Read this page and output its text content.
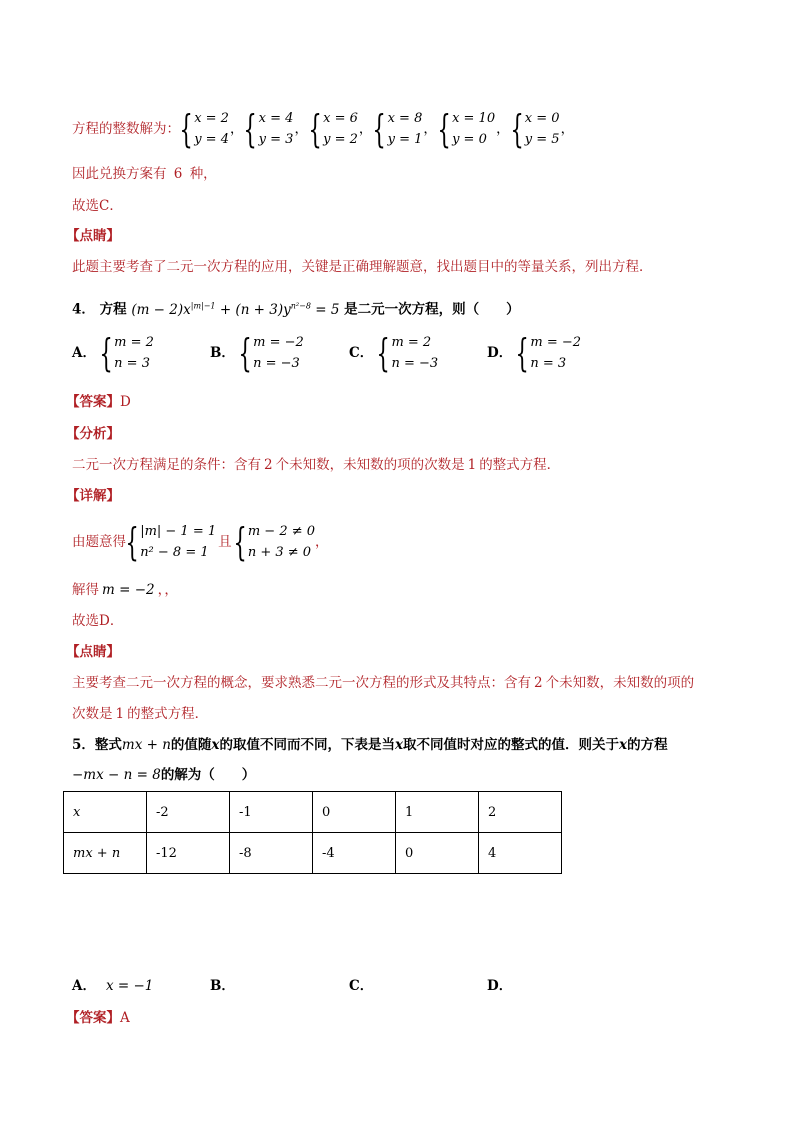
方程的整数解为： { x = 2
y = 4
， { x = 4
y = 3
， { x = 6
y = 2
， { x = 8
y = 1
， { x = 10
y = 0
， { x = 0
y = 5
，
因此兑换方案有 6 种，
故选C．
【点睛】
此题主要考查了二元一次方程的应用，关键是正确理解题意，找出题目中的等量关系，列出方程．
4． 方程 $(m - 2)x^{|m|-1} + (n + 3)y^{n^2-8} = 5$ 是二元一次方程，则（　　）
A． { m = 2
n = 3
B． { m = −2
n = −3
C． { m = 2
n = −3
D． { m = −2
n = 3
【答案】D
【分析】
二元一次方程满足的条件：含有 2 个未知数，未知数的项的次数是 1 的整式方程．
【详解】
由题意得 { |m| − 1 = 1
n² − 8 = 1
且 { m − 2 ≠ 0
n + 3 ≠ 0
，
解得 m = −2 ，，
故选D．
【点睛】
主要考查二元一次方程的概念，要求熟悉二元一次方程的形式及其特点：含有 2 个未知数，未知数的项的
次数是 1 的整式方程．
5．整式mx + n的值随x的取值不同而不同，下表是当x取不同值时对应的整式的值．则关于x的方程
−mx − n = 8的解为（　　）
x	-2	-1	0	1	2
mx + n	-12	-8	-4	0	4
A． x = −1	B．	C．	D．
【答案】A
